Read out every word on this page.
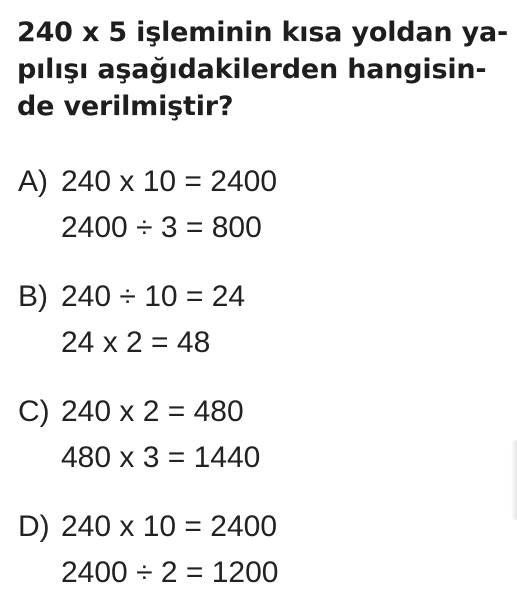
240 x 5 işleminin kısa yoldan ya-
pılışı aşağıdakilerden hangisin-
de verilmiştir?
A) 240 x 10 = 2400
2400 ÷ 3 = 800
B) 240 ÷ 10 = 24
24 x 2 = 48
C) 240 x 2 = 480
480 x 3 = 1440
D) 240 x 10 = 2400
2400 ÷ 2 = 1200
